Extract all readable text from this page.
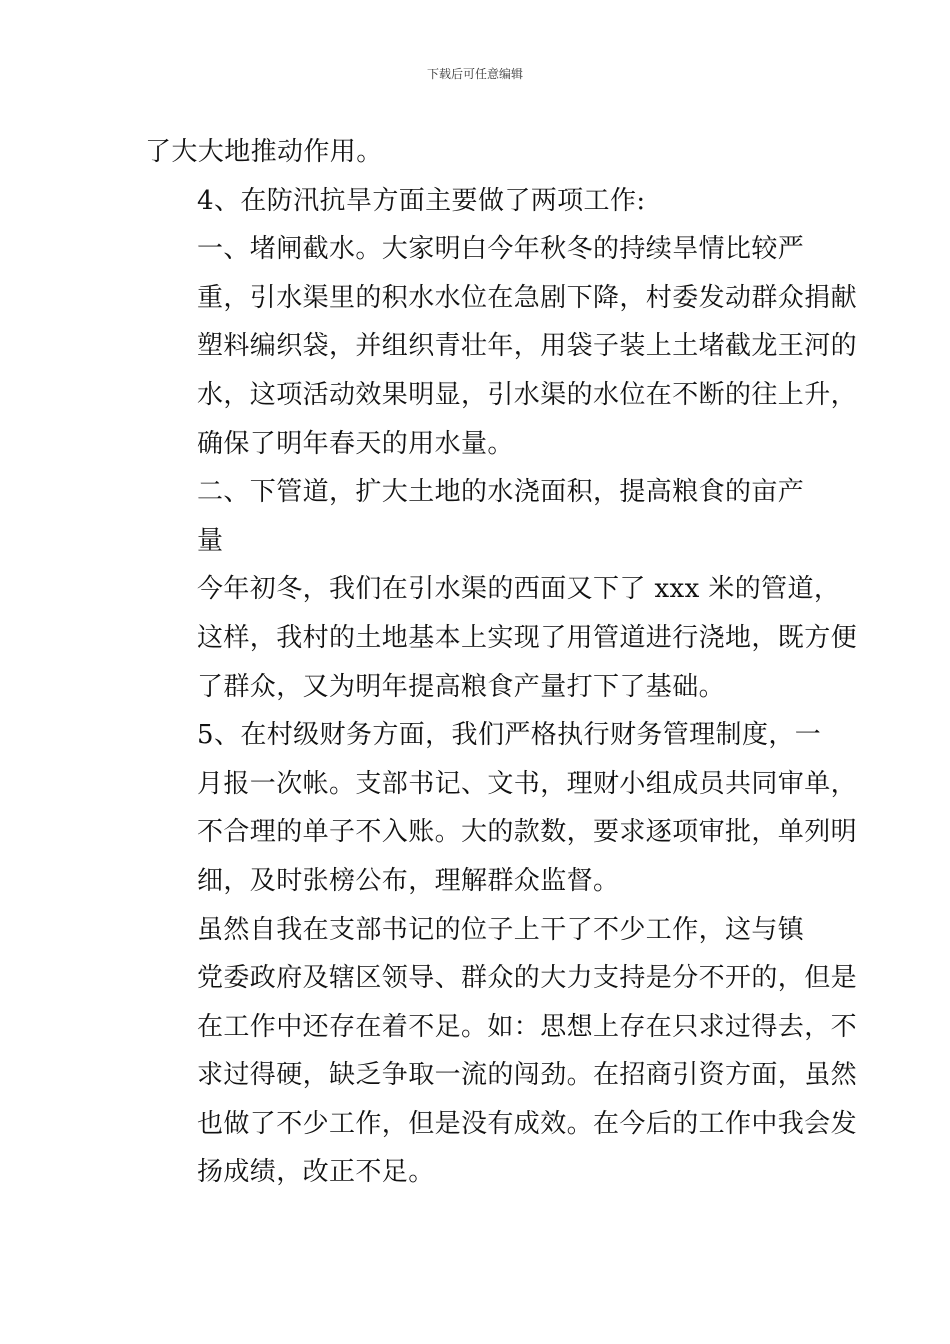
下载后可任意编辑

了大大地推动作用。

4、在防汛抗旱方面主要做了两项工作:

一、堵闸截水。大家明白今年秋冬的持续旱情比较严
重，引水渠里的积水水位在急剧下降，村委发动群众捐献
塑料编织袋，并组织青壮年，用袋子装上土堵截龙王河的
水，这项活动效果明显，引水渠的水位在不断的往上升，
确保了明年春天的用水量。

二、下管道，扩大土地的水浇面积，提高粮食的亩产
量

今年初冬，我们在引水渠的西面又下了 xxx 米的管道，
这样，我村的土地基本上实现了用管道进行浇地，既方便
了群众，又为明年提高粮食产量打下了基础。

5、在村级财务方面，我们严格执行财务管理制度，一
月报一次帐。支部书记、文书，理财小组成员共同审单，
不合理的单子不入账。大的款数，要求逐项审批，单列明
细，及时张榜公布，理解群众监督。

虽然自我在支部书记的位子上干了不少工作，这与镇
党委政府及辖区领导、群众的大力支持是分不开的，但是
在工作中还存在着不足。如：思想上存在只求过得去，不
求过得硬，缺乏争取一流的闯劲。在招商引资方面，虽然
也做了不少工作，但是没有成效。在今后的工作中我会发
扬成绩，改正不足。
